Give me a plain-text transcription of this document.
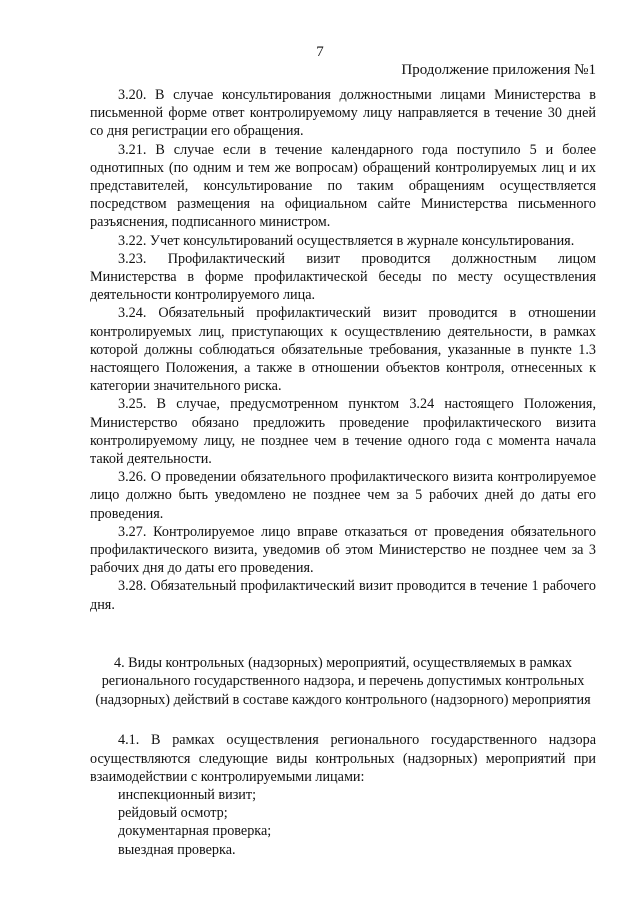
7
Продолжение приложения №1

3.20. В случае консультирования должностными лицами Министерства в письменной форме ответ контролируемому лицу направляется в течение 30 дней со дня регистрации его обращения.

3.21. В случае если в течение календарного года поступило 5 и более однотипных (по одним и тем же вопросам) обращений контролируемых лиц и их представителей, консультирование по таким обращениям осуществляется посредством размещения на официальном сайте Министерства письменного разъяснения, подписанного министром.

3.22. Учет консультирований осуществляется в журнале консультирования.

3.23. Профилактический визит проводится должностным лицом Министерства в форме профилактической беседы по месту осуществления деятельности контролируемого лица.

3.24. Обязательный профилактический визит проводится в отношении контролируемых лиц, приступающих к осуществлению деятельности, в рамках которой должны соблюдаться обязательные требования, указанные в пункте 1.3 настоящего Положения, а также в отношении объектов контроля, отнесенных к категории значительного риска.

3.25. В случае, предусмотренном пунктом 3.24 настоящего Положения, Министерство обязано предложить проведение профилактического визита контролируемому лицу, не позднее чем в течение одного года с момента начала такой деятельности.

3.26. О проведении обязательного профилактического визита контролируемое лицо должно быть уведомлено не позднее чем за 5 рабочих дней до даты его проведения.

3.27. Контролируемое лицо вправе отказаться от проведения обязательного профилактического визита, уведомив об этом Министерство не позднее чем за 3 рабочих дня до даты его проведения.

3.28. Обязательный профилактический визит проводится в течение 1 рабочего дня.

4. Виды контрольных (надзорных) мероприятий, осуществляемых в рамках регионального государственного надзора, и перечень допустимых контрольных (надзорных) действий в составе каждого контрольного (надзорного) мероприятия

4.1. В рамках осуществления регионального государственного надзора осуществляются следующие виды контрольных (надзорных) мероприятий при взаимодействии с контролируемыми лицами:

инспекционный визит;

рейдовый осмотр;

документарная проверка;

выездная проверка.
